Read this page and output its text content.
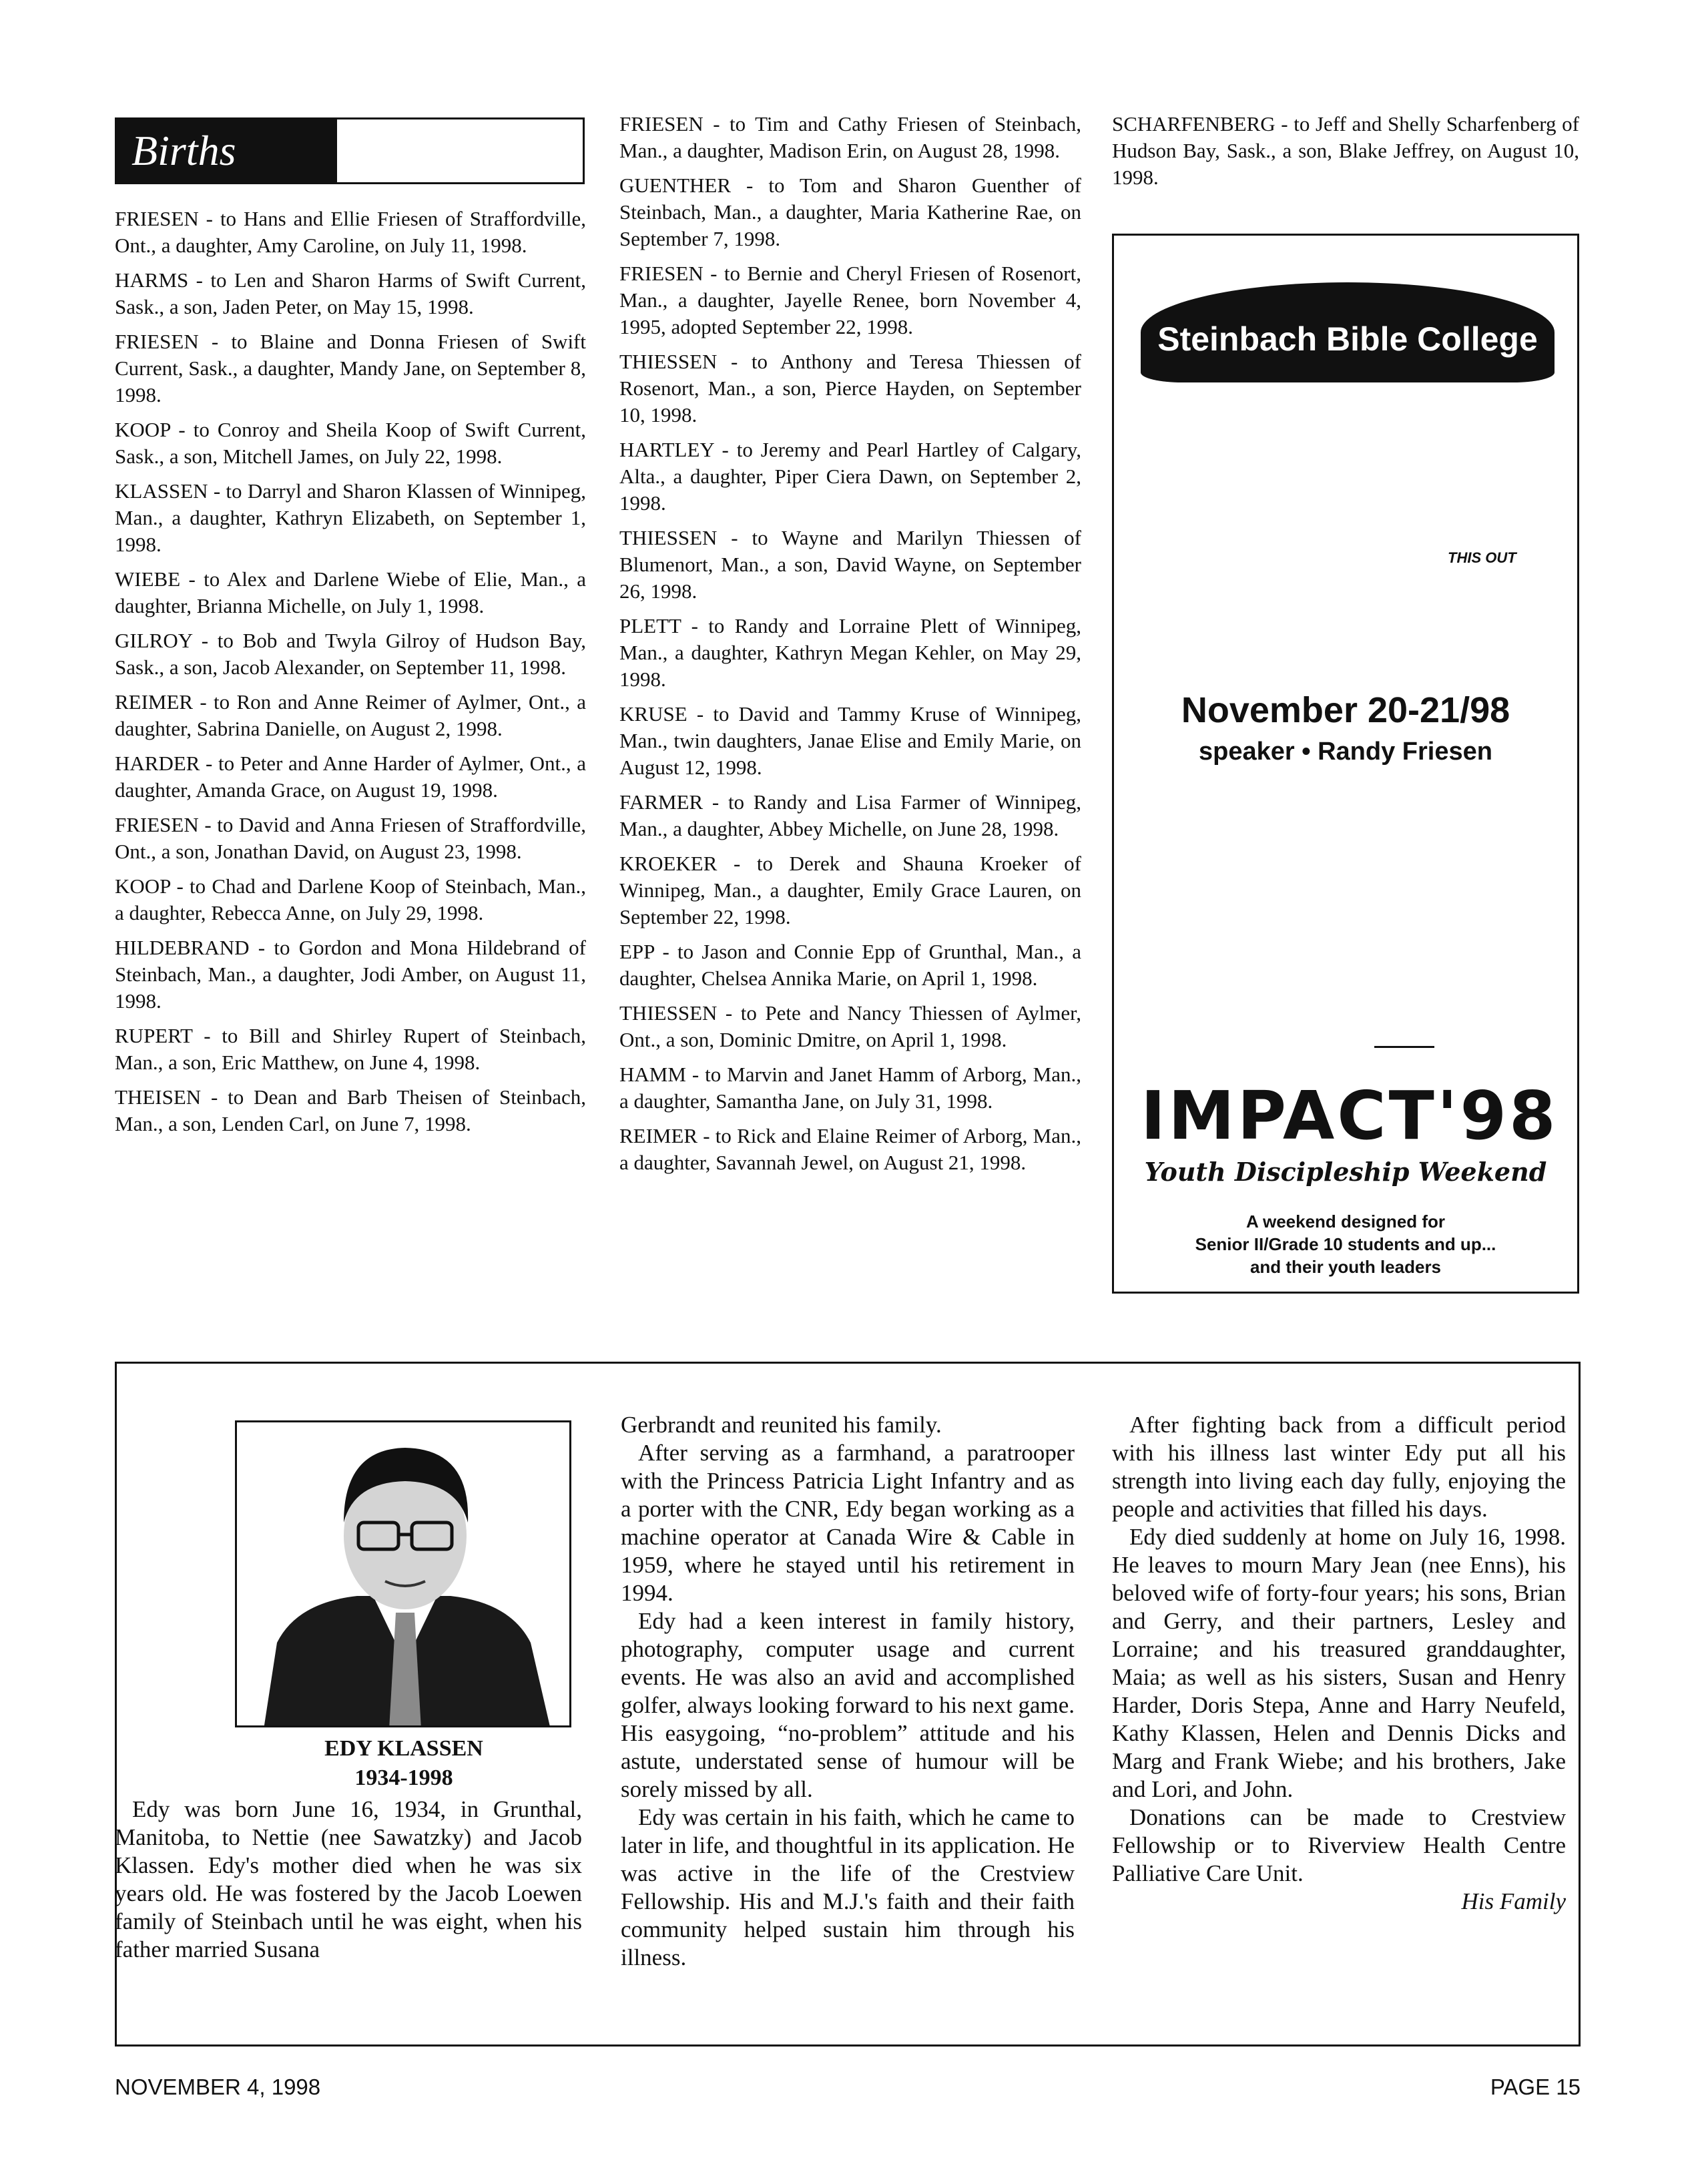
Births

FRIESEN - to Hans and Ellie Friesen of Straffordville, Ont., a daughter, Amy Caroline, on July 11, 1998.

HARMS - to Len and Sharon Harms of Swift Current, Sask., a son, Jaden Peter, on May 15, 1998.

FRIESEN - to Blaine and Donna Friesen of Swift Current, Sask., a daughter, Mandy Jane, on September 8, 1998.

KOOP - to Conroy and Sheila Koop of Swift Current, Sask., a son, Mitchell James, on July 22, 1998.

KLASSEN - to Darryl and Sharon Klassen of Winnipeg, Man., a daughter, Kathryn Elizabeth, on September 1, 1998.

WIEBE - to Alex and Darlene Wiebe of Elie, Man., a daughter, Brianna Michelle, on July 1, 1998.

GILROY - to Bob and Twyla Gilroy of Hudson Bay, Sask., a son, Jacob Alexander, on September 11, 1998.

REIMER - to Ron and Anne Reimer of Aylmer, Ont., a daughter, Sabrina Danielle, on August 2, 1998.

HARDER - to Peter and Anne Harder of Aylmer, Ont., a daughter, Amanda Grace, on August 19, 1998.

FRIESEN - to David and Anna Friesen of Straffordville, Ont., a son, Jonathan David, on August 23, 1998.

KOOP - to Chad and Darlene Koop of Steinbach, Man., a daughter, Rebecca Anne, on July 29, 1998.

HILDEBRAND - to Gordon and Mona Hildebrand of Steinbach, Man., a daughter, Jodi Amber, on August 11, 1998.

RUPERT - to Bill and Shirley Rupert of Steinbach, Man., a son, Eric Matthew, on June 4, 1998.

THEISEN - to Dean and Barb Theisen of Steinbach, Man., a son, Lenden Carl, on June 7, 1998.

FRIESEN - to Tim and Cathy Friesen of Steinbach, Man., a daughter, Madison Erin, on August 28, 1998.

GUENTHER - to Tom and Sharon Guenther of Steinbach, Man., a daughter, Maria Katherine Rae, on September 7, 1998.

FRIESEN - to Bernie and Cheryl Friesen of Rosenort, Man., a daughter, Jayelle Renee, born November 4, 1995, adopted September 22, 1998.

THIESSEN - to Anthony and Teresa Thiessen of Rosenort, Man., a son, Pierce Hayden, on September 10, 1998.

HARTLEY - to Jeremy and Pearl Hartley of Calgary, Alta., a daughter, Piper Ciera Dawn, on September 2, 1998.

THIESSEN - to Wayne and Marilyn Thiessen of Blumenort, Man., a son, David Wayne, on September 26, 1998.

PLETT - to Randy and Lorraine Plett of Winnipeg, Man., a daughter, Kathryn Megan Kehler, on May 29, 1998.

KRUSE - to David and Tammy Kruse of Winnipeg, Man., twin daughters, Janae Elise and Emily Marie, on August 12, 1998.

FARMER - to Randy and Lisa Farmer of Winnipeg, Man., a daughter, Abbey Michelle, on June 28, 1998.

KROEKER - to Derek and Shauna Kroeker of Winnipeg, Man., a daughter, Emily Grace Lauren, on September 22, 1998.

EPP - to Jason and Connie Epp of Grunthal, Man., a daughter, Chelsea Annika Marie, on April 1, 1998.

THIESSEN - to Pete and Nancy Thiessen of Aylmer, Ont., a son, Dominic Dmitre, on April 1, 1998.

HAMM - to Marvin and Janet Hamm of Arborg, Man., a daughter, Samantha Jane, on July 31, 1998.

REIMER - to Rick and Elaine Reimer of Arborg, Man., a daughter, Savannah Jewel, on August 21, 1998.

SCHARFENBERG - to Jeff and Shelly Scharfenberg of Hudson Bay, Sask., a son, Blake Jeffrey, on August 10, 1998.

Steinbach Bible College
THIS OUT
November 20-21/98
speaker • Randy Friesen
IMPACT'98
Youth Discipleship Weekend
A weekend designed for
Senior II/Grade 10 students and up...
and their youth leaders
EDY KLASSEN
1934-1998

Edy was born June 16, 1934, in Grunthal, Manitoba, to Nettie (nee Sawatzky) and Jacob Klassen. Edy's mother died when he was six years old. He was fostered by the Jacob Loewen family of Steinbach until he was eight, when his father married Susana

Gerbrandt and reunited his family.

After serving as a farmhand, a paratrooper with the Princess Patricia Light Infantry and as a porter with the CNR, Edy began working as a machine operator at Canada Wire & Cable in 1959, where he stayed until his retirement in 1994.

Edy had a keen interest in family history, photography, computer usage and current events. He was also an avid and accomplished golfer, always looking forward to his next game. His easygoing, “no-problem” attitude and his astute, understated sense of humour will be sorely missed by all.

Edy was certain in his faith, which he came to later in life, and thoughtful in its application. He was active in the life of the Crestview Fellowship. His and M.J.'s faith and their faith community helped sustain him through his illness.

After fighting back from a difficult period with his illness last winter Edy put all his strength into living each day fully, enjoying the people and activities that filled his days.

Edy died suddenly at home on July 16, 1998. He leaves to mourn Mary Jean (nee Enns), his beloved wife of forty-four years; his sons, Brian and Gerry, and their partners, Lesley and Lorraine; and his treasured granddaughter, Maia; as well as his sisters, Susan and Henry Harder, Doris Stepa, Anne and Harry Neufeld, Kathy Klassen, Helen and Dennis Dicks and Marg and Frank Wiebe; and his brothers, Jake and Lori, and John.

Donations can be made to Crestview Fellowship or to Riverview Health Centre Palliative Care Unit.

His Family

NOVEMBER 4, 1998	PAGE 15
